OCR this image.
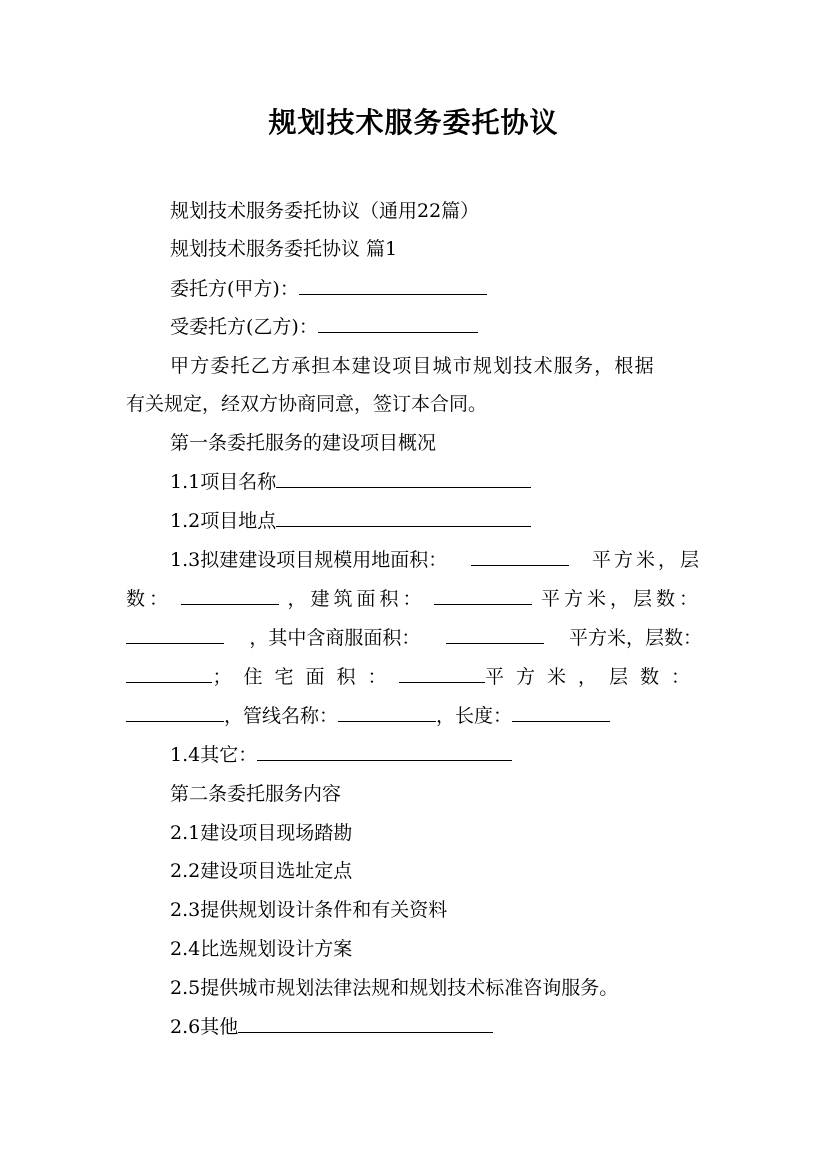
规划技术服务委托协议
规划技术服务委托协议（通用22篇）
规划技术服务委托协议 篇1
委托方(甲方)：
受委托方(乙方)：
甲方委托乙方承担本建设项目城市规划技术服务，根据
有关规定，经双方协商同意，签订本合同。
第一条委托服务的建设项目概况
1.1项目名称
1.2项目地点
1.3拟建建设项目规模用地面积：	平方米，层
数：	，建筑面积：	平方米，层数：
，其中含商服面积：	平方米，层数：
；住宅面积：	平方米，层数：
，管线名称：	，长度：
1.4其它：
第二条委托服务内容
2.1建设项目现场踏勘
2.2建设项目选址定点
2.3提供规划设计条件和有关资料
2.4比选规划设计方案
2.5提供城市规划法律法规和规划技术标准咨询服务。
2.6其他
